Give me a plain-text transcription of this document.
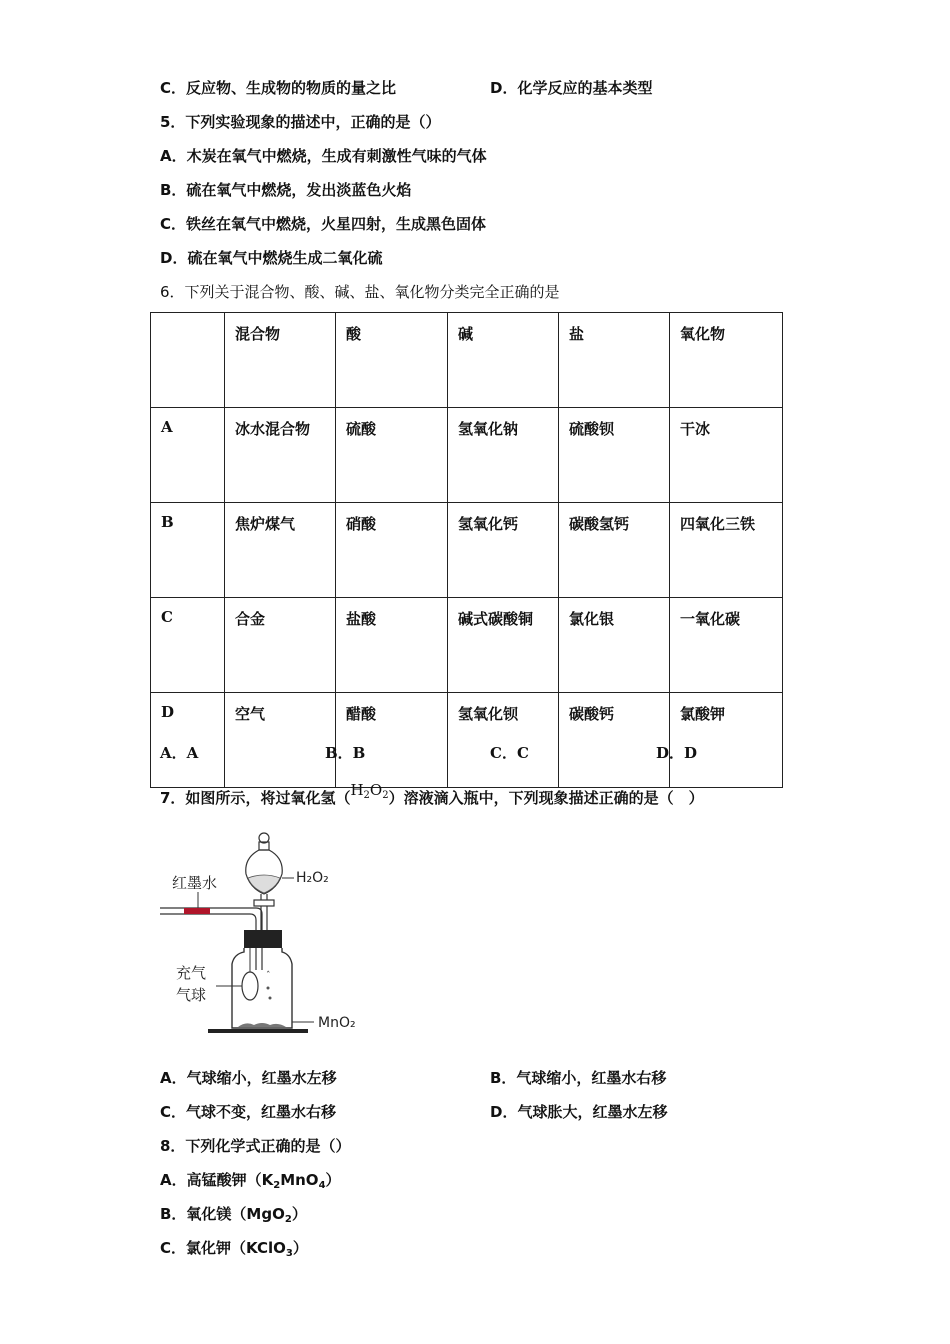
C．反应物、生成物的物质的量之比	D．化学反应的基本类型
5．下列实验现象的描述中，正确的是（）
A．木炭在氧气中燃烧，生成有刺激性气味的气体
B．硫在氧气中燃烧，发出淡蓝色火焰
C．铁丝在氧气中燃烧，火星四射，生成黑色固体
D．硫在氧气中燃烧生成二氧化硫
6．下列关于混合物、酸、碱、盐、氧化物分类完全正确的是
	混合物	酸	碱	盐	氧化物
A	冰水混合物	硫酸	氢氧化钠	硫酸钡	干冰
B	焦炉煤气	硝酸	氢氧化钙	碳酸氢钙	四氧化三铁
C	合金	盐酸	碱式碳酸铜	氯化银	一氧化碳
D	空气	醋酸	氢氧化钡	碳酸钙	氯酸钾
A．A	B．B	C．C	D．D
7．如图所示，将过氧化氢$(H_2O_2)$溶液滴入瓶中，下列现象描述正确的是（　）
红墨水	H₂O₂
ˆ
充气
气球
MnO₂
A．气球缩小，红墨水左移	B．气球缩小，红墨水右移
C．气球不变，红墨水右移	D．气球胀大，红墨水左移
8．下列化学式正确的是（）
A．高锰酸钾$(K_2MnO_4)$
B．氧化镁（MgO$_2$）
C．氯化钾（KClO$_3$）
